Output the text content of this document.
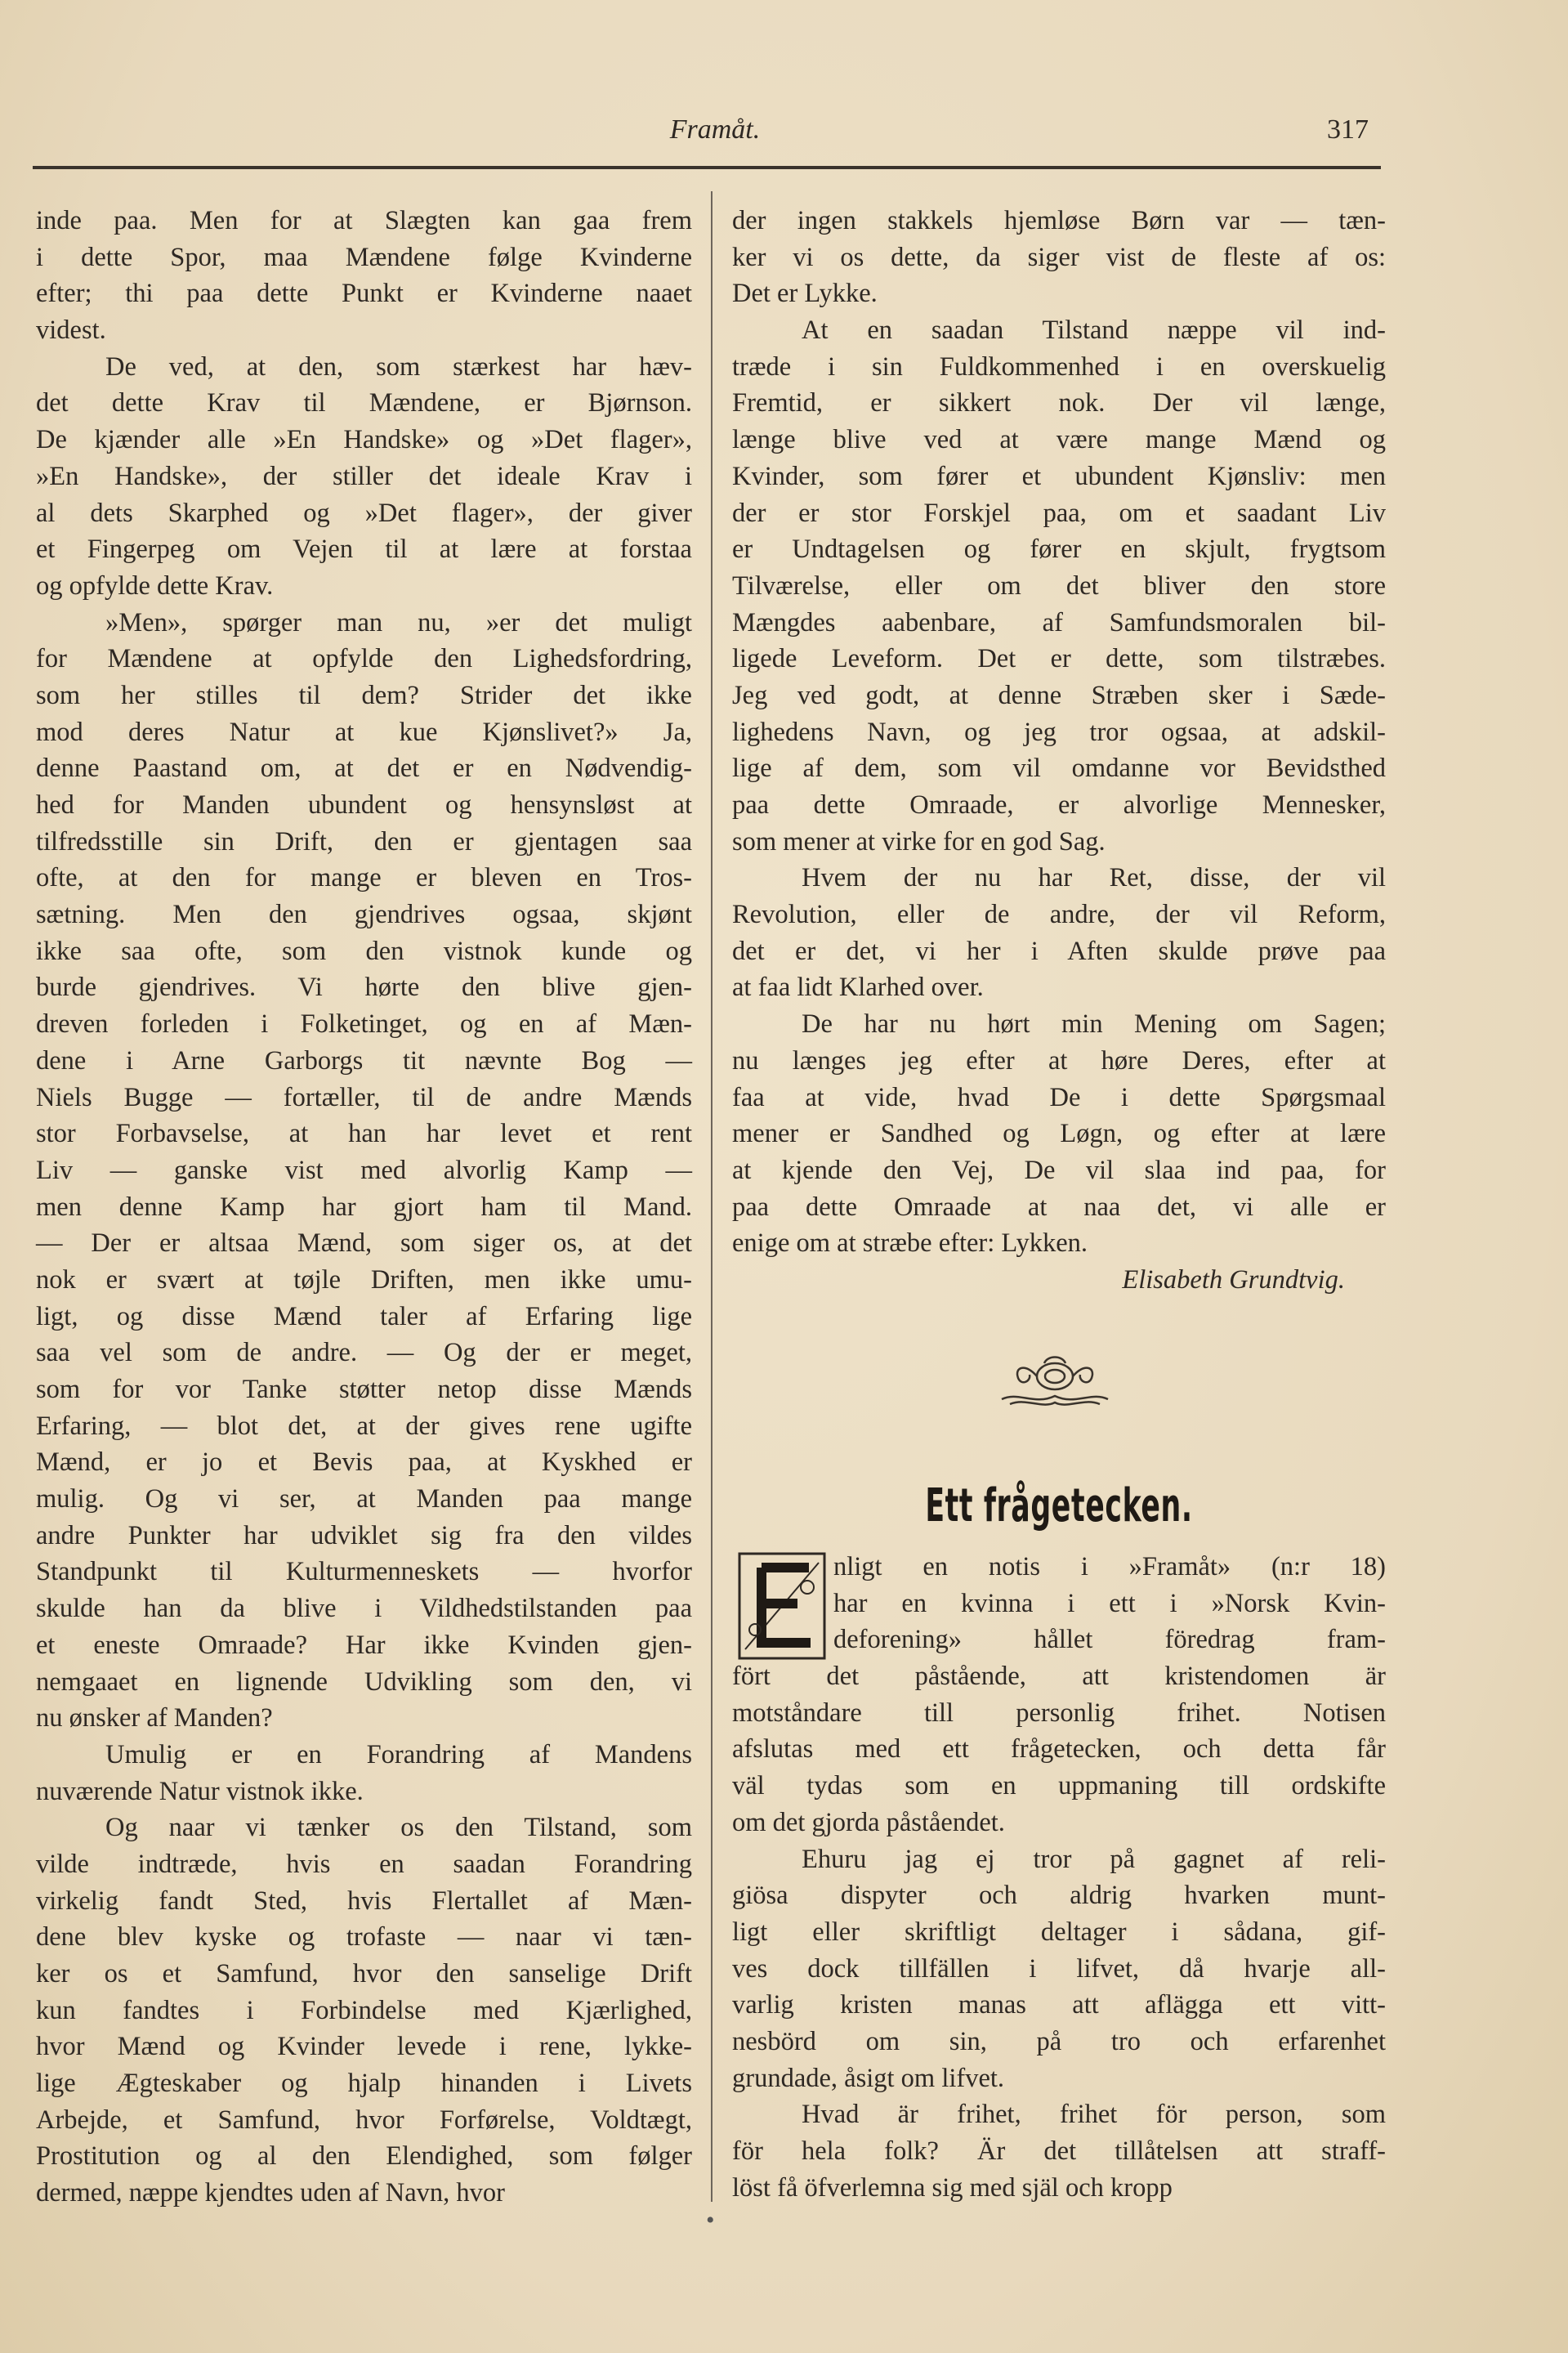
Framåt.	317
inde paa. Men for at Slægten kan gaa frem
i dette Spor, maa Mændene følge Kvinderne
efter; thi paa dette Punkt er Kvinderne naaet
videst.
De ved, at den, som stærkest har hæv-
det dette Krav til Mændene, er Bjørnson.
De kjænder alle »En Handske» og »Det flager»,
»En Handske», der stiller det ideale Krav i
al dets Skarphed og »Det flager», der giver
et Fingerpeg om Vejen til at lære at forstaa
og opfylde dette Krav.
»Men», spørger man nu, »er det muligt
for Mændene at opfylde den Lighedsfordring,
som her stilles til dem? Strider det ikke
mod deres Natur at kue Kjønslivet?» Ja,
denne Paastand om, at det er en Nødvendig-
hed for Manden ubundent og hensynsløst at
tilfredsstille sin Drift, den er gjentagen saa
ofte, at den for mange er bleven en Tros-
sætning. Men den gjendrives ogsaa, skjønt
ikke saa ofte, som den vistnok kunde og
burde gjendrives. Vi hørte den blive gjen-
dreven forleden i Folketinget, og en af Mæn-
dene i Arne Garborgs tit nævnte Bog —
Niels Bugge — fortæller, til de andre Mænds
stor Forbavselse, at han har levet et rent
Liv — ganske vist med alvorlig Kamp —
men denne Kamp har gjort ham til Mand.
— Der er altsaa Mænd, som siger os, at det
nok er svært at tøjle Driften, men ikke umu-
ligt, og disse Mænd taler af Erfaring lige
saa vel som de andre. — Og der er meget,
som for vor Tanke støtter netop disse Mænds
Erfaring, — blot det, at der gives rene ugifte
Mænd, er jo et Bevis paa, at Kyskhed er
mulig. Og vi ser, at Manden paa mange
andre Punkter har udviklet sig fra den vildes
Standpunkt til Kulturmenneskets — hvorfor
skulde han da blive i Vildhedstilstanden paa
et eneste Omraade? Har ikke Kvinden gjen-
nemgaaet en lignende Udvikling som den, vi
nu ønsker af Manden?
Umulig er en Forandring af Mandens
nuværende Natur vistnok ikke.
Og naar vi tænker os den Tilstand, som
vilde indtræde, hvis en saadan Forandring
virkelig fandt Sted, hvis Flertallet af Mæn-
dene blev kyske og trofaste — naar vi tæn-
ker os et Samfund, hvor den sanselige Drift
kun fandtes i Forbindelse med Kjærlighed,
hvor Mænd og Kvinder levede i rene, lykke-
lige Ægteskaber og hjalp hinanden i Livets
Arbejde, et Samfund, hvor Forførelse, Voldtægt,
Prostitution og al den Elendighed, som følger
dermed, næppe kjendtes uden af Navn, hvor
der ingen stakkels hjemløse Børn var — tæn-
ker vi os dette, da siger vist de fleste af os:
Det er Lykke.
At en saadan Tilstand næppe vil ind-
træde i sin Fuldkommenhed i en overskuelig
Fremtid, er sikkert nok. Der vil længe,
længe blive ved at være mange Mænd og
Kvinder, som fører et ubundent Kjønsliv: men
der er stor Forskjel paa, om et saadant Liv
er Undtagelsen og fører en skjult, frygtsom
Tilværelse, eller om det bliver den store
Mængdes aabenbare, af Samfundsmoralen bil-
ligede Leveform. Det er dette, som tilstræbes.
Jeg ved godt, at denne Stræben sker i Sæde-
lighedens Navn, og jeg tror ogsaa, at adskil-
lige af dem, som vil omdanne vor Bevidsthed
paa dette Omraade, er alvorlige Mennesker,
som mener at virke for en god Sag.
Hvem der nu har Ret, disse, der vil
Revolution, eller de andre, der vil Reform,
det er det, vi her i Aften skulde prøve paa
at faa lidt Klarhed over.
De har nu hørt min Mening om Sagen;
nu længes jeg efter at høre Deres, efter at
faa at vide, hvad De i dette Spørgsmaal
mener er Sandhed og Løgn, og efter at lære
at kjende den Vej, De vil slaa ind paa, for
paa dette Omraade at naa det, vi alle er
enige om at stræbe efter: Lykken.
Elisabeth Grundtvig.
Ett frågetecken.
nligt en notis i »Framåt» (n:r 18)
har en kvinna i ett i »Norsk Kvin-
deforening» hållet föredrag fram-
fört det påstående, att kristendomen är
motståndare till personlig frihet. Notisen
afslutas med ett frågetecken, och detta får
väl tydas som en uppmaning till ordskifte
om det gjorda påståendet.
Ehuru jag ej tror på gagnet af reli-
giösa dispyter och aldrig hvarken munt-
ligt eller skriftligt deltager i sådana, gif-
ves dock tillfällen i lifvet, då hvarje all-
varlig kristen manas att aflägga ett vitt-
nesbörd om sin, på tro och erfarenhet
grundade, åsigt om lifvet.
Hvad är frihet, frihet för person, som
för hela folk? Är det tillåtelsen att straff-
löst få öfverlemna sig med själ och kropp
•
